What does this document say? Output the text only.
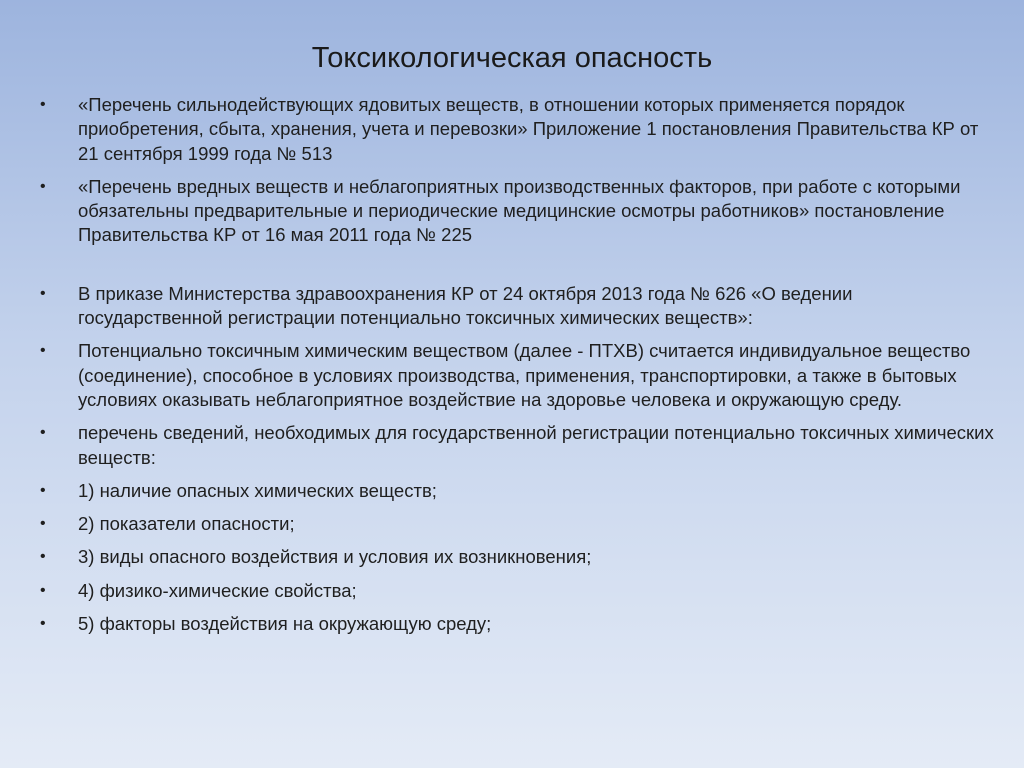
Токсикологическая опасность
• «Перечень сильнодействующих ядовитых веществ, в отношении которых применяется порядок приобретения, сбыта, хранения, учета и перевозки» Приложение 1 постановления Правительства КР от 21 сентября 1999 года № 513
• «Перечень вредных веществ и неблагоприятных производственных факторов, при работе с которыми обязательны предварительные и периодические медицинские осмотры работников» постановление Правительства КР от 16 мая 2011 года № 225
• В приказе Министерства здравоохранения КР от 24 октября 2013 года № 626 «О ведении государственной регистрации потенциально токсичных химических веществ»:
• Потенциально токсичным химическим веществом (далее - ПТХВ) считается индивидуальное вещество (соединение), способное в условиях производства, применения, транспортировки, а также в бытовых условиях оказывать неблагоприятное воздействие на здоровье человека и окружающую среду.
• перечень сведений, необходимых для государственной регистрации потенциально токсичных химических веществ:
• 1) наличие опасных химических веществ;
• 2) показатели опасности;
• 3) виды опасного воздействия и условия их возникновения;
• 4) физико-химические свойства;
• 5) факторы воздействия на окружающую среду;
